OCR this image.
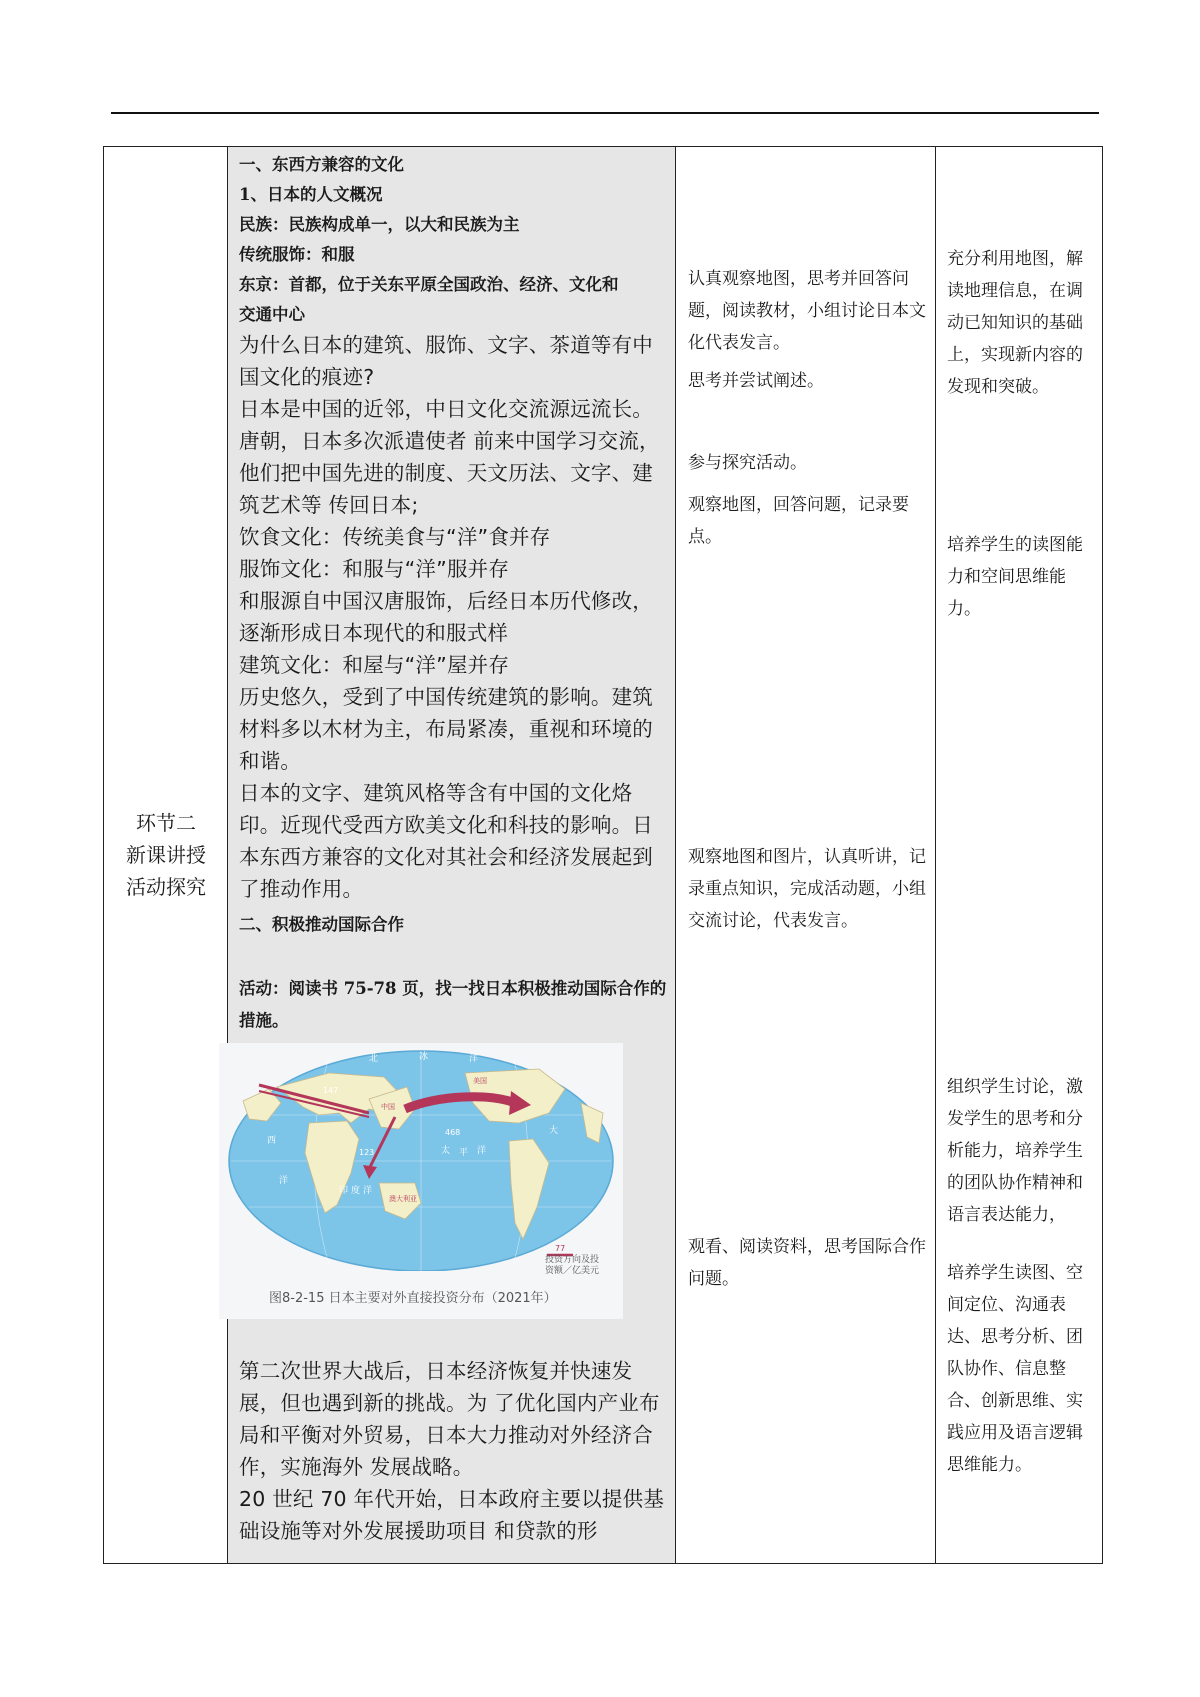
环节二
新课讲授
活动探究
一、东西方兼容的文化
1、日本的人文概况
民族：民族构成单一，以大和民族为主
传统服饰：和服
东京：首都，位于关东平原全国政治、经济、文化和
交通中心
为什么日本的建筑、服饰、文字、茶道等有中国文化的痕迹?
日本是中国的近邻，中日文化交流源远流长。唐朝，日本多次派遣使者 前来中国学习交流，他们把中国先进的制度、天文历法、文字、建筑艺术等 传回日本;
饮食文化：传统美食与“洋”食并存
服饰文化：和服与“洋”服并存
和服源自中国汉唐服饰，后经日本历代修改，逐渐形成日本现代的和服式样
建筑文化：和屋与“洋”屋并存
历史悠久，受到了中国传统建筑的影响。建筑材料多以木材为主，布局紧凑，重视和环境的和谐。
日本的文字、建筑风格等含有中国的文化烙印。近现代受西方欧美文化和科技的影响。日本东西方兼容的文化对其社会和经济发展起到了推动作用。
二、积极推动国际合作
活动：阅读书 75-78 页，找一找日本积极推动国际合作的措施。
北	冰	洋
大
西
洋
印 度 洋
太 平 洋
美国
中国
澳大利亚
147
468
123
77
图8-2-15 日本主要对外直接投资分布（2021年）
投资方向及投
资额／亿美元
第二次世界大战后，日本经济恢复并快速发展，但也遇到新的挑战。为 了优化国内产业布局和平衡对外贸易，日本大力推动对外经济合作，实施海外 发展战略。
20 世纪 70 年代开始，日本政府主要以提供基础设施等对外发展援助项目 和贷款的形
认真观察地图，思考并回答问题，阅读教材，小组讨论日本文化代表发言。
思考并尝试阐述。
参与探究活动。
观察地图，回答问题，记录要点。
观察地图和图片，认真听讲，记录重点知识，完成活动题，小组交流讨论，代表发言。
观看、阅读资料，思考国际合作问题。
充分利用地图，解读地理信息，在调动已知知识的基础上，实现新内容的发现和突破。
培养学生的读图能力和空间思维能力。
组织学生讨论，激发学生的思考和分析能力，培养学生的团队协作精神和语言表达能力，
培养学生读图、空间定位、沟通表达、思考分析、团队协作、信息整合、创新思维、实践应用及语言逻辑思维能力。
